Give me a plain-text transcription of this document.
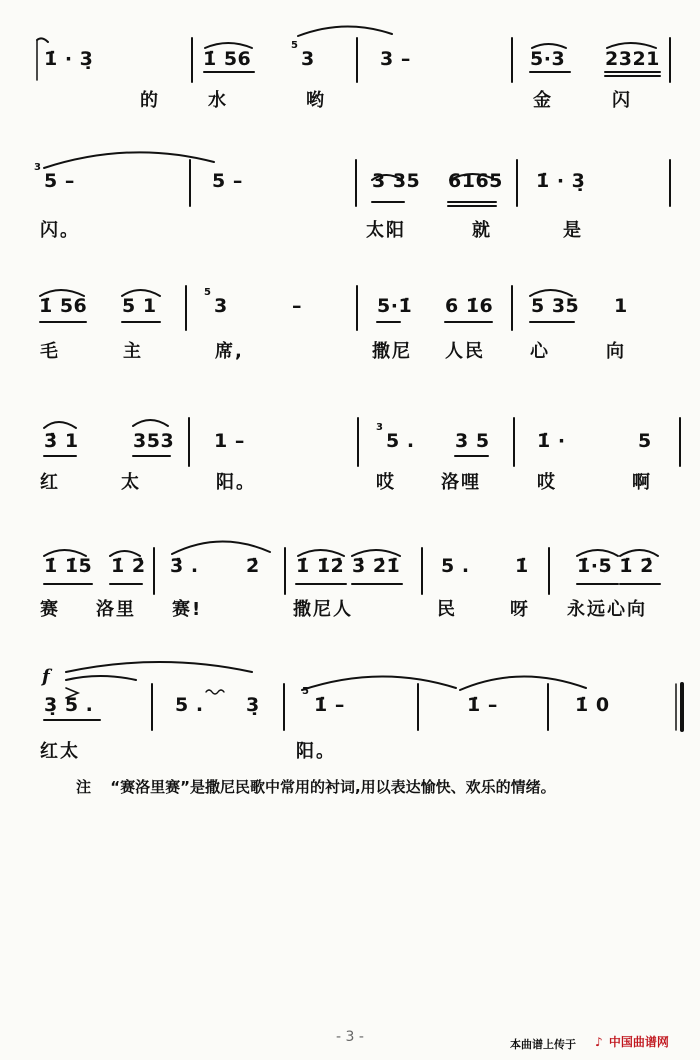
1̇ · 3̣	1̇ 56	3	3 –	5·3 2321
5
的	水	哟	金	闪
5 –	5 –	3 35 6165 1̇ · 3̣
3
闪。	太阳	就	是
1̇ 56 5 1	3	–	5·1̇ 6 1̇6 5 35 1
5
毛	主	席,	撒尼 人民	心	向
3̇ 1	353 1 –	5 . 3 5 1̇ ·	5
3
红	太	阳。	哎	洛哩	哎	啊
1̇ 1̇5 1̇ 2̇ 3̇ . 2̇ 1̇ 1̇2̇ 3̇ 2̇1̇ 5 . 1̇	1̇·5 1̇ 2̇
赛 洛里 赛!	撒尼人	民	呀 永远心向
3̣ 5 .	5 . 3̣	1̇ –	1̇ –	1̇ 0
5
红太	阳。
f
注 “赛洛里赛”是撒尼民歌中常用的衬词,用以表达愉快、欢乐的情绪。
- 3 -	本曲谱上传于 ♪ 中国曲谱网
